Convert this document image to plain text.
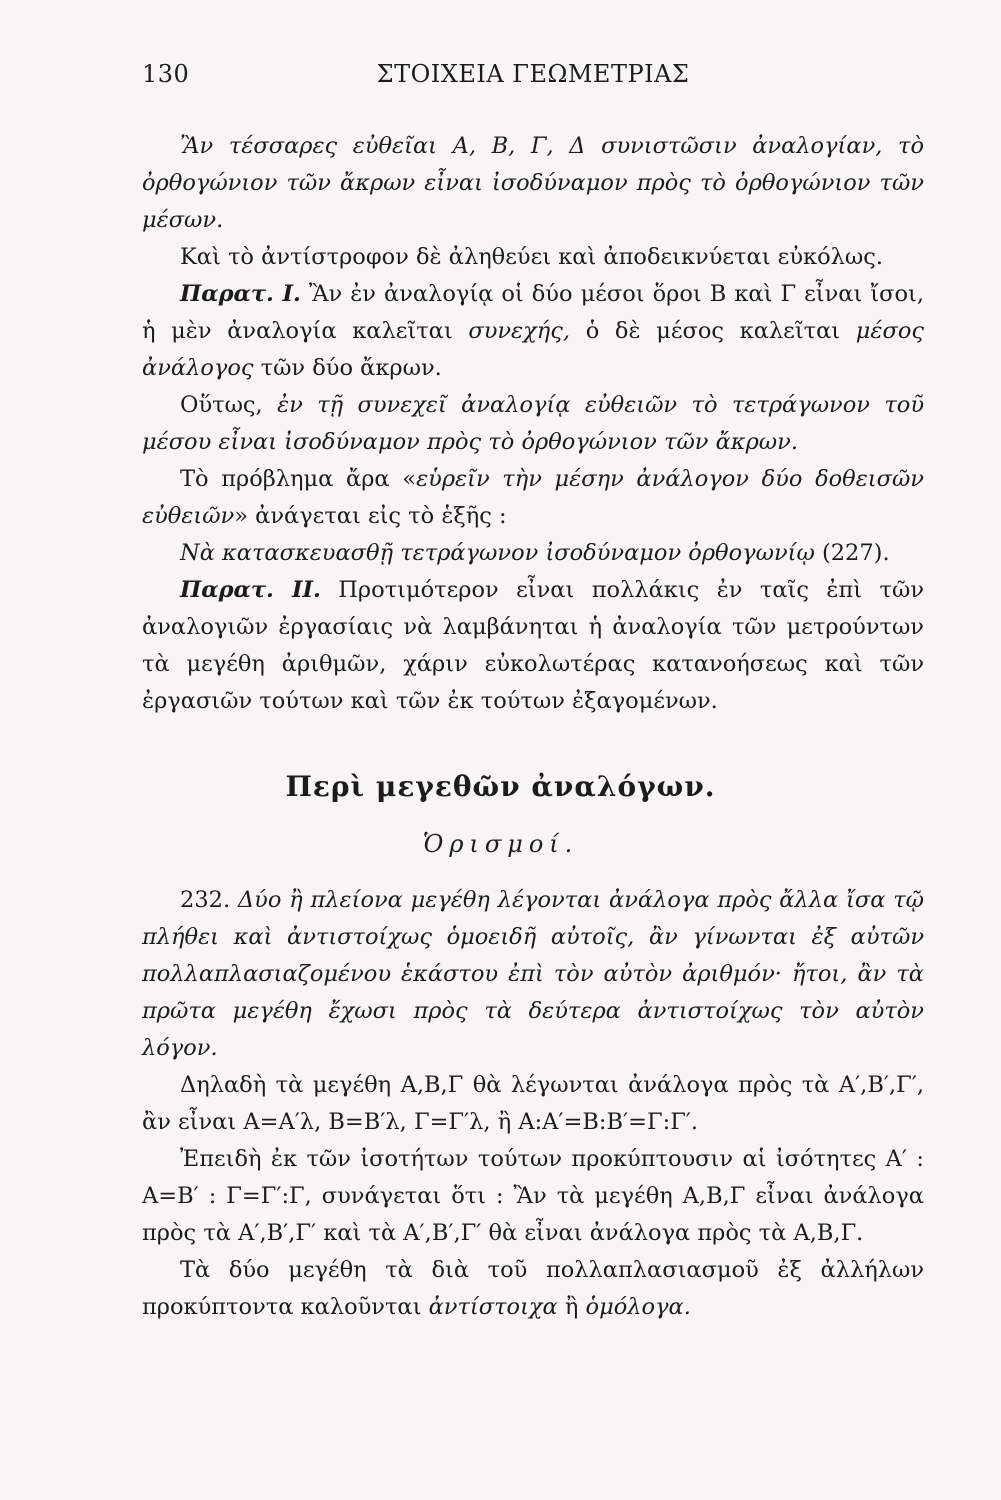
130	ΣΤΟΙΧΕΙΑ ΓΕΩΜΕΤΡΙΑΣ

Ἂν τέσσαρες εὐθεῖαι Α, Β, Γ, Δ συνιστῶσιν ἀναλογίαν, τὸ ὀρθογώνιον τῶν ἄκρων εἶναι ἰσοδύναμον πρὸς τὸ ὀρθογώνιον τῶν μέσων.

Καὶ τὸ ἀντίστροφον δὲ ἀληθεύει καὶ ἀποδεικνύεται εὐκόλως.

Παρατ. Ι. Ἂν ἐν ἀναλογίᾳ οἱ δύο μέσοι ὅροι Β καὶ Γ εἶναι ἴσοι, ἡ μὲν ἀναλογία καλεῖται συνεχής, ὁ δὲ μέσος καλεῖται μέσος ἀνάλογος τῶν δύο ἄκρων.

Οὕτως, ἐν τῇ συνεχεῖ ἀναλογίᾳ εὐθειῶν τὸ τετράγωνον τοῦ μέσου εἶναι ἰσοδύναμον πρὸς τὸ ὀρθογώνιον τῶν ἄκρων.

Τὸ πρόβλημα ἄρα «εὑρεῖν τὴν μέσην ἀνάλογον δύο δοθεισῶν εὐθειῶν» ἀνάγεται εἰς τὸ ἑξῆς :

Νὰ κατασκευασθῇ τετράγωνον ἰσοδύναμον ὀρθογωνίῳ (227).

Παρατ. ΙΙ. Προτιμότερον εἶναι πολλάκις ἐν ταῖς ἐπὶ τῶν ἀναλογιῶν ἐργασίαις νὰ λαμβάνηται ἡ ἀναλογία τῶν μετρούντων τὰ μεγέθη ἀριθμῶν, χάριν εὐκολωτέρας κατανοήσεως καὶ τῶν ἐργασιῶν τούτων καὶ τῶν ἐκ τούτων ἐξαγομένων.

Περὶ μεγεθῶν ἀναλόγων.
Ὁρισμοί.

232. Δύο ἢ πλείονα μεγέθη λέγονται ἀνάλογα πρὸς ἄλλα ἴσα τῷ πλήθει καὶ ἀντιστοίχως ὁμοειδῆ αὐτοῖς, ἂν γίνωνται ἐξ αὐτῶν πολλαπλασιαζομένου ἑκάστου ἐπὶ τὸν αὐτὸν ἀριθμόν· ἤτοι, ἂν τὰ πρῶτα μεγέθη ἔχωσι πρὸς τὰ δεύτερα ἀντιστοίχως τὸν αὐτὸν λόγον.

Δηλαδὴ τὰ μεγέθη Α,Β,Γ θὰ λέγωνται ἀνάλογα πρὸς τὰ Α′,Β′,Γ′, ἂν εἶναι Α=Α′λ, Β=Β′λ, Γ=Γ′λ, ἢ Α:Α′=Β:Β′=Γ:Γ′.

Ἐπειδὴ ἐκ τῶν ἰσοτήτων τούτων προκύπτουσιν αἱ ἰσότητες Α′ : Α=Β′ : Γ=Γ′:Γ, συνάγεται ὅτι : Ἂν τὰ μεγέθη Α,Β,Γ εἶναι ἀνάλογα πρὸς τὰ Α′,Β′,Γ′ καὶ τὰ Α′,Β′,Γ′ θὰ εἶναι ἀνάλογα πρὸς τὰ Α,Β,Γ.

Τὰ δύο μεγέθη τὰ διὰ τοῦ πολλαπλασιασμοῦ ἐξ ἀλλήλων προκύπτοντα καλοῦνται ἀντίστοιχα ἢ ὁμόλογα.
